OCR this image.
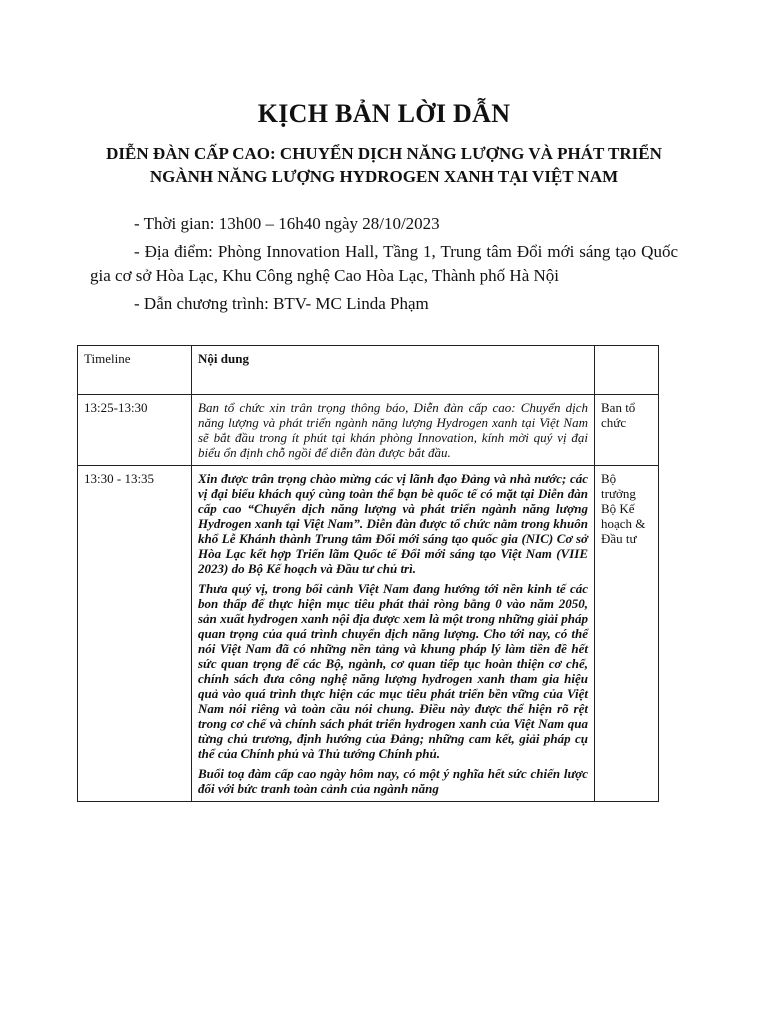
KỊCH BẢN LỜI DẪN
DIỄN ĐÀN CẤP CAO: CHUYỂN DỊCH NĂNG LƯỢNG VÀ PHÁT TRIỂN
NGÀNH NĂNG LƯỢNG HYDROGEN XANH TẠI VIỆT NAM
- Thời gian: 13h00 – 16h40 ngày 28/10/2023
- Địa điểm: Phòng Innovation Hall, Tầng 1, Trung tâm Đổi mới sáng tạo Quốc gia cơ sở Hòa Lạc, Khu Công nghệ Cao Hòa Lạc, Thành phố Hà Nội
- Dẫn chương trình: BTV- MC Linda Phạm
Timeline	Nội dung	
13:25-13:30	Ban tổ chức xin trân trọng thông báo, Diễn đàn cấp cao: Chuyển dịch năng lượng và phát triển ngành năng lượng Hydrogen xanh tại Việt Nam sẽ bắt đầu trong ít phút tại khán phòng Innovation, kính mời quý vị đại biểu ổn định chỗ ngồi để diễn đàn được bắt đầu.	Ban tổ chức
13:30 - 13:35	Xin được trân trọng chào mừng các vị lãnh đạo Đảng và nhà nước; các vị đại biểu khách quý cùng toàn thể bạn bè quốc tế có mặt tại Diễn đàn cấp cao “Chuyển dịch năng lượng và phát triển ngành năng lượng Hydrogen xanh tại Việt Nam”. Diễn đàn được tổ chức nằm trong khuôn khổ Lễ Khánh thành Trung tâm Đổi mới sáng tạo quốc gia (NIC) Cơ sở Hòa Lạc kết hợp Triển lãm Quốc tế Đổi mới sáng tạo Việt Nam (VIIE 2023) do Bộ Kế hoạch và Đầu tư chủ trì.

Thưa quý vị, trong bối cảnh Việt Nam đang hướng tới nền kinh tế các bon thấp để thực hiện mục tiêu phát thải ròng bằng 0 vào năm 2050, sản xuất hydrogen xanh nội địa được xem là một trong những giải pháp quan trọng của quá trình chuyển dịch năng lượng. Cho tới nay, có thể nói Việt Nam đã có những nền tảng và khung pháp lý làm tiền đề hết sức quan trọng để các Bộ, ngành, cơ quan tiếp tục hoàn thiện cơ chế, chính sách đưa công nghệ năng lượng hydrogen xanh tham gia hiệu quả vào quá trình thực hiện các mục tiêu phát triển bền vững của Việt Nam nói riêng và toàn cầu nói chung. Điều này được thể hiện rõ rệt trong cơ chế và chính sách phát triển hydrogen xanh của Việt Nam qua từng chủ trương, định hướng của Đảng; những cam kết, giải pháp cụ thể của Chính phủ và Thủ tướng Chính phủ.

Buổi toạ đàm cấp cao ngày hôm nay, có một ý nghĩa hết sức chiến lược đối với bức tranh toàn cảnh của ngành năng	Bộ trưởng Bộ Kế hoạch & Đầu tư
